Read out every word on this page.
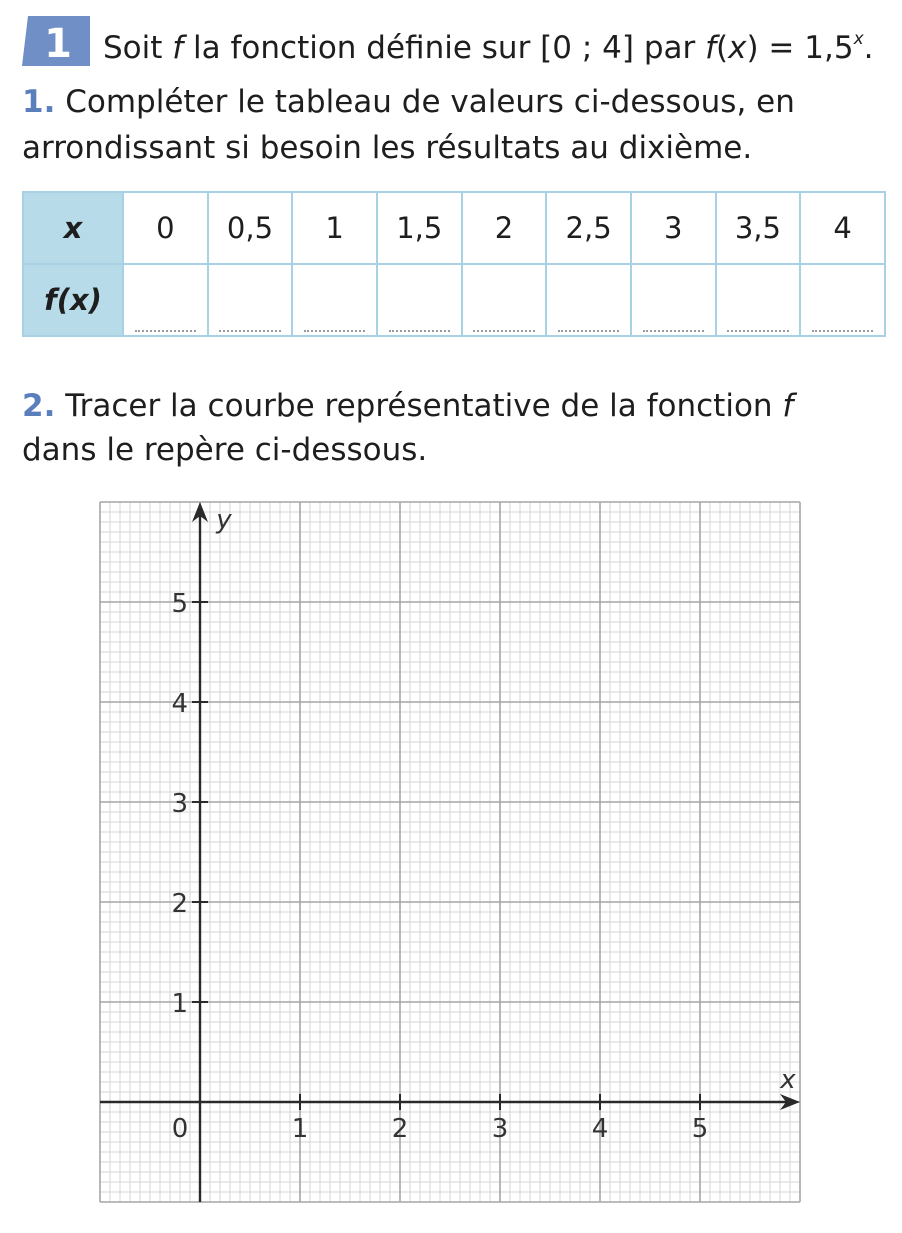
1 Soit f la fonction définie sur [0 ; 4] par $f(x) = 1,5^x$.
1. Compléter le tableau de valeurs ci-dessous, en
arrondissant si besoin les résultats au dixième.
x	0	0,5	1	1,5	2	2,5	3	3,5	4
f(x)									
2. Tracer la courbe représentative de la fonction f
dans le repère ci-dessous.
1	2	3	4	5
1
2
3
4
5
0
x
y
